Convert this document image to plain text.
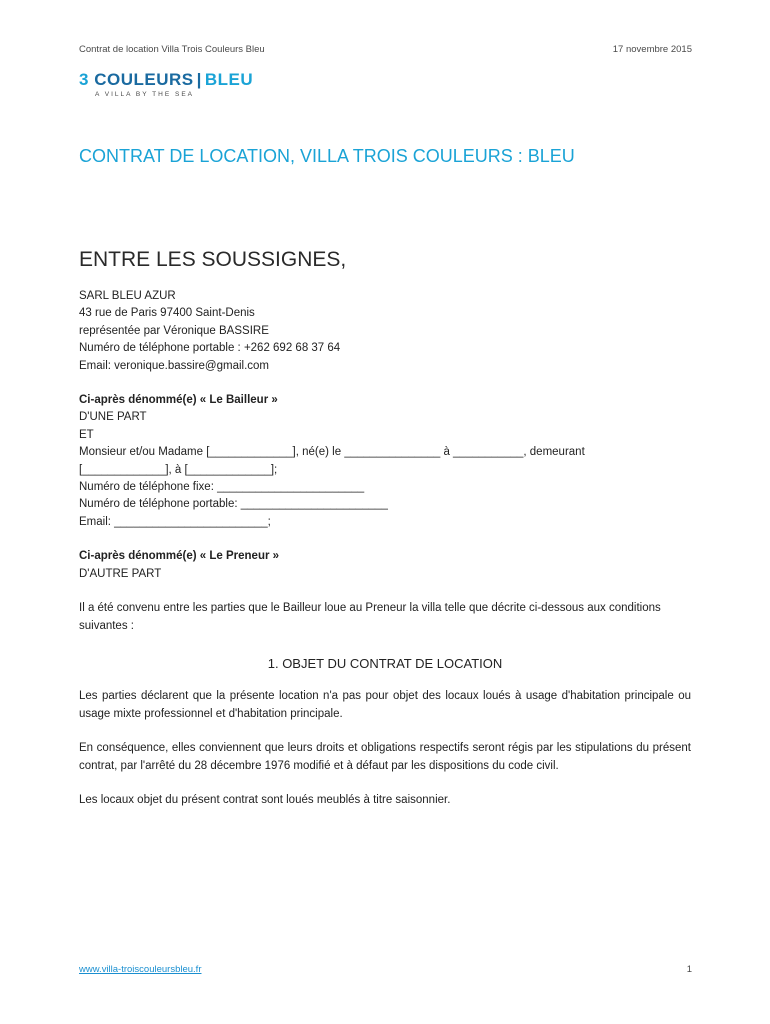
Contrat de location Villa Trois Couleurs Bleu	17 novembre 2015
3 COULEURS | BLEU
A VILLA BY THE SEA
CONTRAT DE LOCATION, VILLA TROIS COULEURS : BLEU
ENTRE LES SOUSSIGNES,

SARL BLEU AZUR

43 rue de Paris 97400 Saint-Denis

représentée par Véronique BASSIRE

Numéro de téléphone portable : +262 692 68 37 64

Email: veronique.bassire@gmail.com

Ci-après dénommé(e) « Le Bailleur »

D'UNE PART

ET

Monsieur et/ou Madame [_____________], né(e) le _______________ à ___________, demeurant

[_____________], à [_____________];

Numéro de téléphone fixe: _______________________

Numéro de téléphone portable: _______________________

Email: ________________________;

Ci-après dénommé(e) « Le Preneur »

D'AUTRE PART

Il a été convenu entre les parties que le Bailleur loue au Preneur la villa telle que décrite ci-dessous aux conditions suivantes :

1. OBJET DU CONTRAT DE LOCATION

Les parties déclarent que la présente location n'a pas pour objet des locaux loués à usage d'habitation principale ou usage mixte professionnel et d'habitation principale.

En conséquence, elles conviennent que leurs droits et obligations respectifs seront régis par les stipulations du présent contrat, par l'arrêté du 28 décembre 1976 modifié et à défaut par les dispositions du code civil.

Les locaux objet du présent contrat sont loués meublés à titre saisonnier.

www.villa-troiscouleursbleu.fr	1
